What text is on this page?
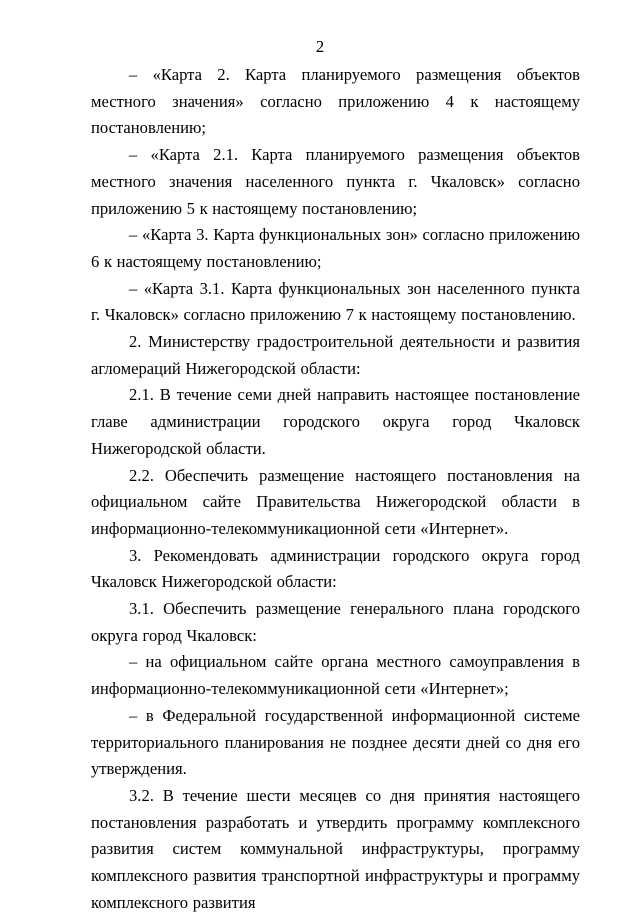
2

– «Карта 2. Карта планируемого размещения объектов местного значения» согласно приложению 4 к настоящему постановлению;

– «Карта 2.1. Карта планируемого размещения объектов местного значения населенного пункта г. Чкаловск» согласно приложению 5 к настоящему постановлению;

– «Карта 3. Карта функциональных зон» согласно приложению 6 к настоящему постановлению;

– «Карта 3.1. Карта функциональных зон населенного пункта г. Чкаловск» согласно приложению 7 к настоящему постановлению.

2. Министерству градостроительной деятельности и развития агломераций Нижегородской области:

2.1. В течение семи дней направить настоящее постановление главе администрации городского округа город Чкаловск Нижегородской области.

2.2. Обеспечить размещение настоящего постановления на официальном сайте Правительства Нижегородской области в информационно-телекоммуникационной сети «Интернет».

3. Рекомендовать администрации городского округа город Чкаловск Нижегородской области:

3.1. Обеспечить размещение генерального плана городского округа город Чкаловск:

– на официальном сайте органа местного самоуправления в информационно-телекоммуникационной сети «Интернет»;

– в Федеральной государственной информационной системе территориального планирования не позднее десяти дней со дня его утверждения.

3.2. В течение шести месяцев со дня принятия настоящего постановления разработать и утвердить программу комплексного развития систем коммунальной инфраструктуры, программу комплексного развития транспортной инфраструктуры и программу комплексного развития
